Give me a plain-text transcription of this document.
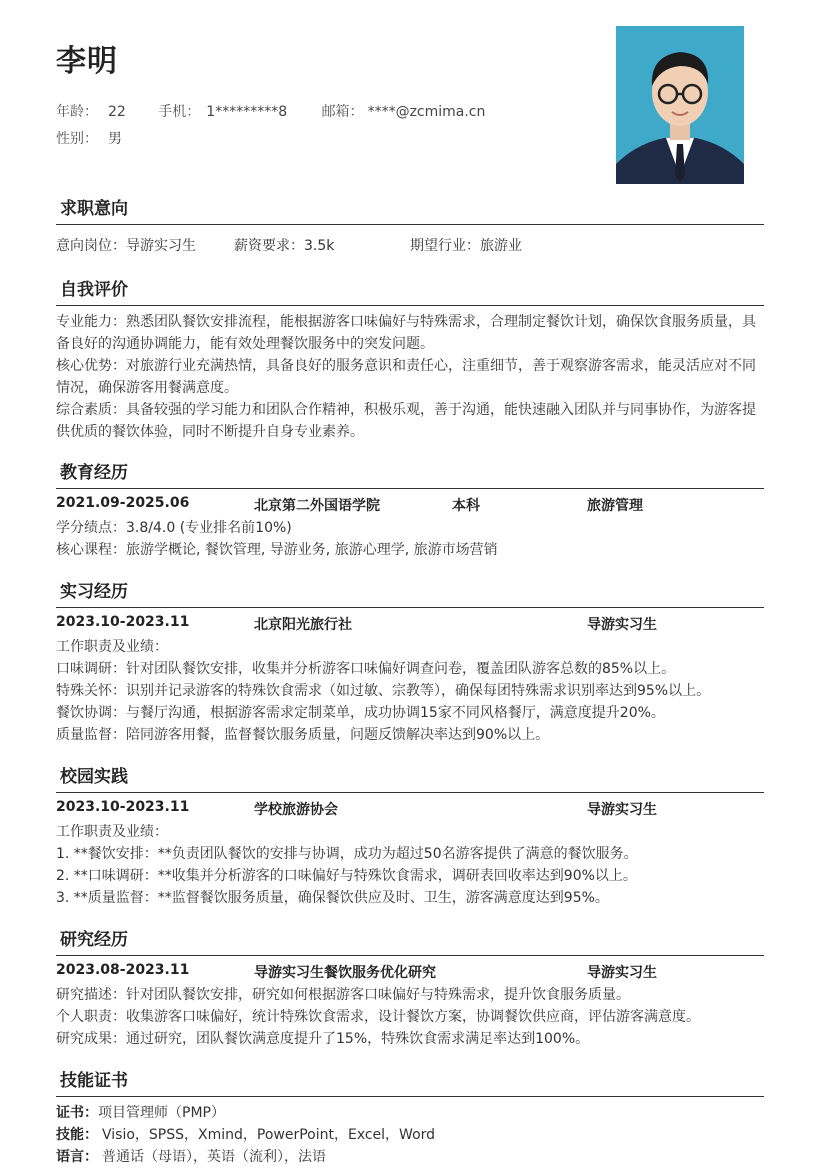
李明
年龄： 22 手机： 1*********8 邮箱： ****@zcmima.cn
性别： 男
求职意向
意向岗位：导游实习生	薪资要求：3.5k	期望行业：旅游业
自我评价
专业能力：熟悉团队餐饮安排流程，能根据游客口味偏好与特殊需求，合理制定餐饮计划，确保饮食服务质量，具备良好的沟通协调能力，能有效处理餐饮服务中的突发问题。
核心优势：对旅游行业充满热情，具备良好的服务意识和责任心，注重细节，善于观察游客需求，能灵活应对不同情况，确保游客用餐满意度。
综合素质：具备较强的学习能力和团队合作精神，积极乐观，善于沟通，能快速融入团队并与同事协作，为游客提供优质的餐饮体验，同时不断提升自身专业素养。
教育经历
2021.09-2025.06	北京第二外国语学院	本科	旅游管理
学分绩点：3.8/4.0 (专业排名前10%)
核心课程：旅游学概论, 餐饮管理, 导游业务, 旅游心理学, 旅游市场营销
实习经历
2023.10-2023.11	北京阳光旅行社	导游实习生
工作职责及业绩：
口味调研：针对团队餐饮安排，收集并分析游客口味偏好调查问卷，覆盖团队游客总数的85%以上。
特殊关怀：识别并记录游客的特殊饮食需求（如过敏、宗教等），确保每团特殊需求识别率达到95%以上。
餐饮协调：与餐厅沟通，根据游客需求定制菜单，成功协调15家不同风格餐厅，满意度提升20%。
质量监督：陪同游客用餐，监督餐饮服务质量，问题反馈解决率达到90%以上。
校园实践
2023.10-2023.11	学校旅游协会	导游实习生
工作职责及业绩：
1. **餐饮安排：**负责团队餐饮的安排与协调，成功为超过50名游客提供了满意的餐饮服务。
2. **口味调研：**收集并分析游客的口味偏好与特殊饮食需求，调研表回收率达到90%以上。
3. **质量监督：**监督餐饮服务质量，确保餐饮供应及时、卫生，游客满意度达到95%。
研究经历
2023.08-2023.11	导游实习生餐饮服务优化研究	导游实习生
研究描述：针对团队餐饮安排，研究如何根据游客口味偏好与特殊需求，提升饮食服务质量。
个人职责：收集游客口味偏好，统计特殊饮食需求，设计餐饮方案，协调餐饮供应商，评估游客满意度。
研究成果：通过研究，团队餐饮满意度提升了15%，特殊饮食需求满足率达到100%。
技能证书
证书：项目管理师（PMP）
技能： Visio，SPSS，Xmind，PowerPoint，Excel，Word
语言： 普通话（母语），英语（流利），法语
